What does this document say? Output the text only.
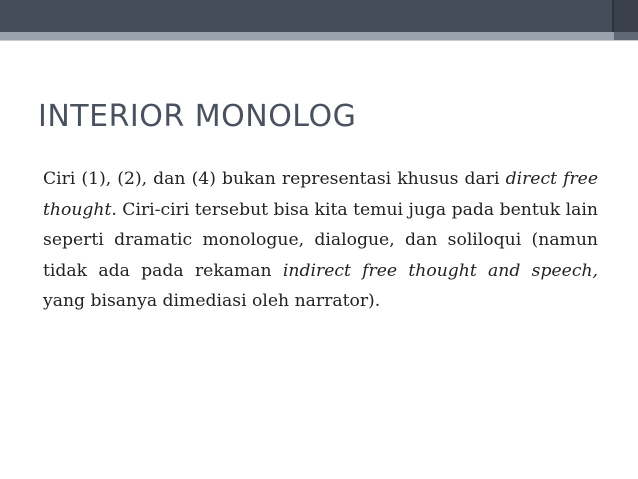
INTERIOR MONOLOG

Ciri (1), (2), dan (4) bukan representasi khusus dari direct free thought. Ciri-ciri tersebut bisa kita temui juga pada bentuk lain seperti dramatic monologue, dialogue, dan soliloqui (namun tidak ada pada rekaman indirect free thought and speech, yang bisanya dimediasi oleh narrator).
